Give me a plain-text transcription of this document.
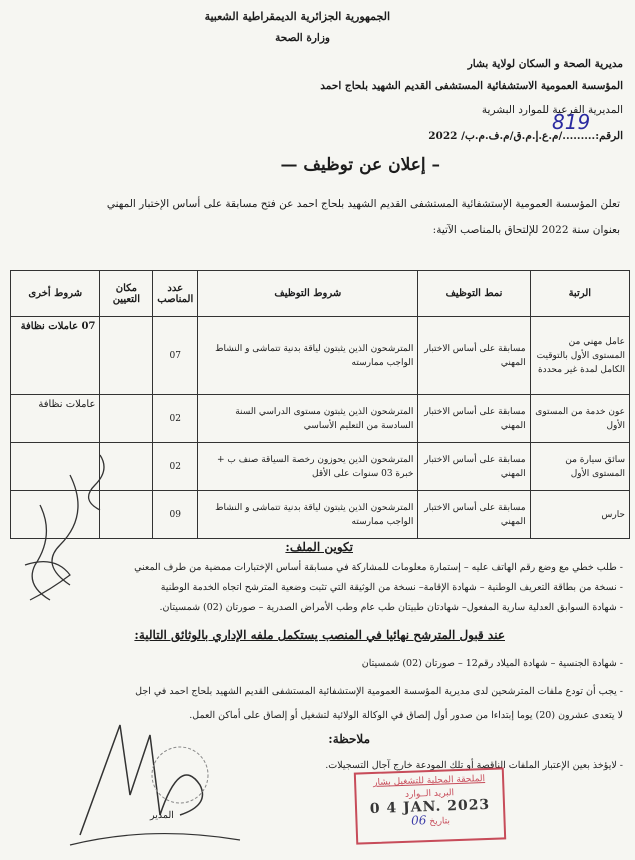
الجمهورية الجزائرية الديمقراطية الشعبية
وزارة الصحة
مديرية الصحة و السكان لولاية بشار
المؤسسة العمومية الاستشفائية المستشفى القديم الشهيد بلحاج احمد
المديرية الفرعية للموارد البشرية
الرقم:........./م.ع.إ.م.ق/م.ف.م.ب/ 2022
819
– إعلان عن توظيف —
تعلن المؤسسة العمومية الإستشفائية المستشفى القديم الشهيد بلحاج احمد عن فتح مسابقة على أساس الإختبار المهني
بعنوان سنة 2022 للإلتحاق بالمناصب الآتية:
الرتبة	نمط التوظيف	شروط التوظيف	عدد المناصب	مكان التعيين	شروط أخرى
عامل مهني من المستوى الأول بالتوقيت الكامل لمدة غير محددة	مسابقة على أساس الاختبار المهني	المترشحون الذين يثبتون لياقة بدنية تتماشى و النشاط الواجب ممارسته	07		07 عاملات نظافة
عون خدمة من المستوى الأول	مسابقة على أساس الاختبار المهني	المترشحون الذين يثبتون مستوى الدراسي السنة السادسة من التعليم الأساسي	02		عاملات نظافة
سائق سيارة من المستوى الأول	مسابقة على أساس الاختبار المهني	المترشحون الذين يحوزون رخصة السياقة صنف ب + خبرة 03 سنوات على الأقل	02		
حارس	مسابقة على أساس الاختبار المهني	المترشحون الذين يثبتون لياقة بدنية تتماشى و النشاط الواجب ممارسته	09		
تكوين الملف:
- طلب خطي مع وضع رقم الهاتف عليه – إستمارة معلومات للمشاركة في مسابقة أساس الإختبارات ممضية من طرف المعني
- نسخة من بطاقة التعريف الوطنية – شهادة الإقامة– نسخة من الوثيقة التي تثبت وضعية المترشح اتجاه الخدمة الوطنية
- شهادة السوابق العدلية سارية المفعول– شهادتان طبيتان طب عام وطب الأمراض الصدرية – صورتان (02) شمسيتان.
عند قبول المترشح نهائيا في المنصب يستكمل ملفه الإداري بالوثائق التالية:
- شهادة الجنسية – شهادة الميلاد رقم12 – صورتان (02) شمسيتان
- يجب أن تودع ملفات المترشحين لدى مديرية المؤسسة العمومية الإستشفائية المستشفى القديم الشهيد بلحاج احمد في اجل
لا يتعدى عشرون (20) يوما إبتداءا من صدور أول إلصاق في الوكالة الولائية لتشغيل أو إلصاق على أماكن العمل.
ملاحظة:
- لايؤخذ بعين الإعتبار الملفات الناقصة أو تلك المودعة خارج آجال التسجيلات.
المدير
الملحقة المحلية للتشغيل بشار
البريد الــوارد
0 4 JAN. 2023
بتاريخ 06
